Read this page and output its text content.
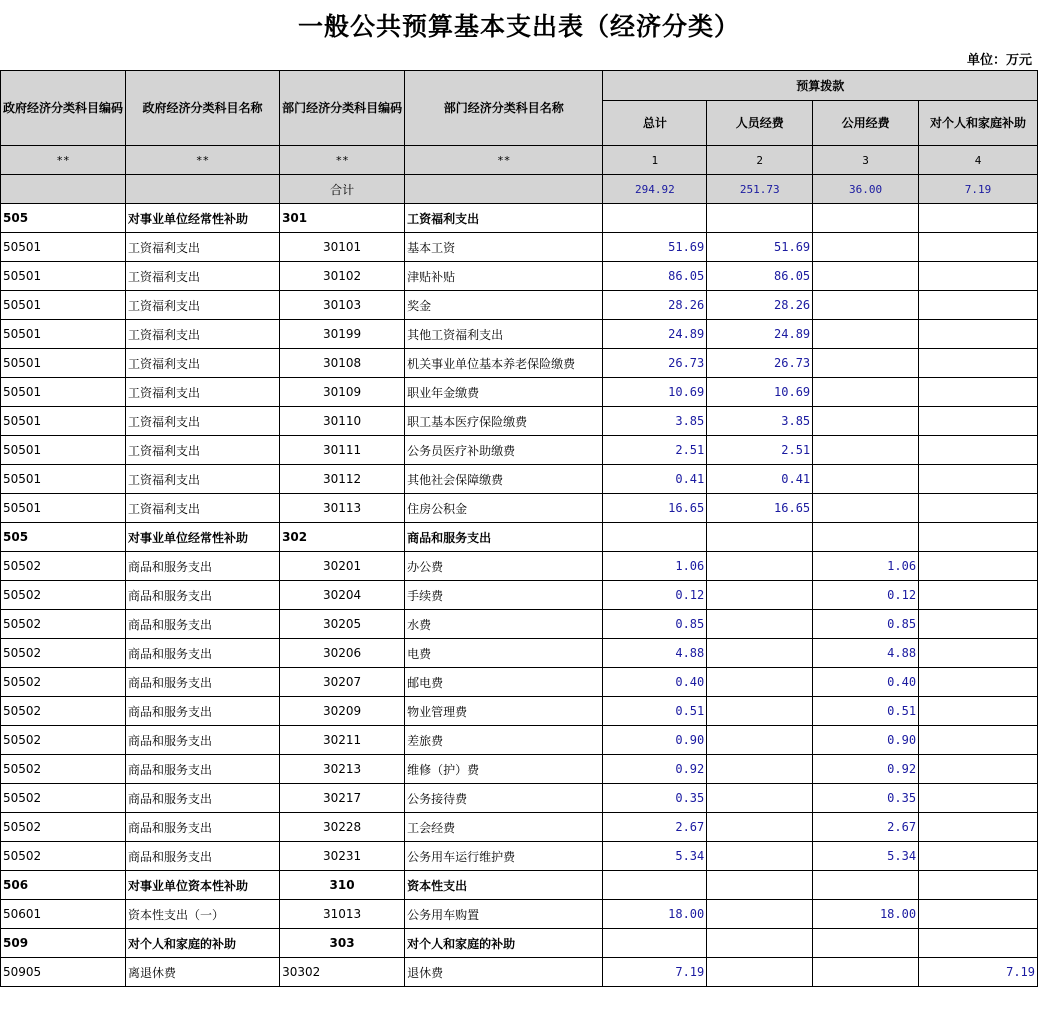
一般公共预算基本支出表（经济分类）
单位：万元
政府经济分类科目编码	政府经济分类科目名称	部门经济分类科目编码	部门经济分类科目名称	预算拨款			
				总计	人员经费	公用经费	对个人和家庭补助
**	**	**	**	1	2	3	4
		合计		294.92	251.73	36.00	7.19
505	对事业单位经常性补助	301	工资福利支出				
50501	工资福利支出	30101	基本工资	51.69	51.69		
50501	工资福利支出	30102	津贴补贴	86.05	86.05		
50501	工资福利支出	30103	奖金	28.26	28.26		
50501	工资福利支出	30199	其他工资福利支出	24.89	24.89		
50501	工资福利支出	30108	机关事业单位基本养老保险缴费	26.73	26.73		
50501	工资福利支出	30109	职业年金缴费	10.69	10.69		
50501	工资福利支出	30110	职工基本医疗保险缴费	3.85	3.85		
50501	工资福利支出	30111	公务员医疗补助缴费	2.51	2.51		
50501	工资福利支出	30112	其他社会保障缴费	0.41	0.41		
50501	工资福利支出	30113	住房公积金	16.65	16.65		
505	对事业单位经常性补助	302	商品和服务支出				
50502	商品和服务支出	30201	办公费	1.06		1.06	
50502	商品和服务支出	30204	手续费	0.12		0.12	
50502	商品和服务支出	30205	水费	0.85		0.85	
50502	商品和服务支出	30206	电费	4.88		4.88	
50502	商品和服务支出	30207	邮电费	0.40		0.40	
50502	商品和服务支出	30209	物业管理费	0.51		0.51	
50502	商品和服务支出	30211	差旅费	0.90		0.90	
50502	商品和服务支出	30213	维修（护）费	0.92		0.92	
50502	商品和服务支出	30217	公务接待费	0.35		0.35	
50502	商品和服务支出	30228	工会经费	2.67		2.67	
50502	商品和服务支出	30231	公务用车运行维护费	5.34		5.34	
506	对事业单位资本性补助	310	资本性支出				
50601	资本性支出（一）	31013	公务用车购置	18.00		18.00	
509	对个人和家庭的补助	303	对个人和家庭的补助				
50905	离退休费	30302	退休费	7.19			7.19
